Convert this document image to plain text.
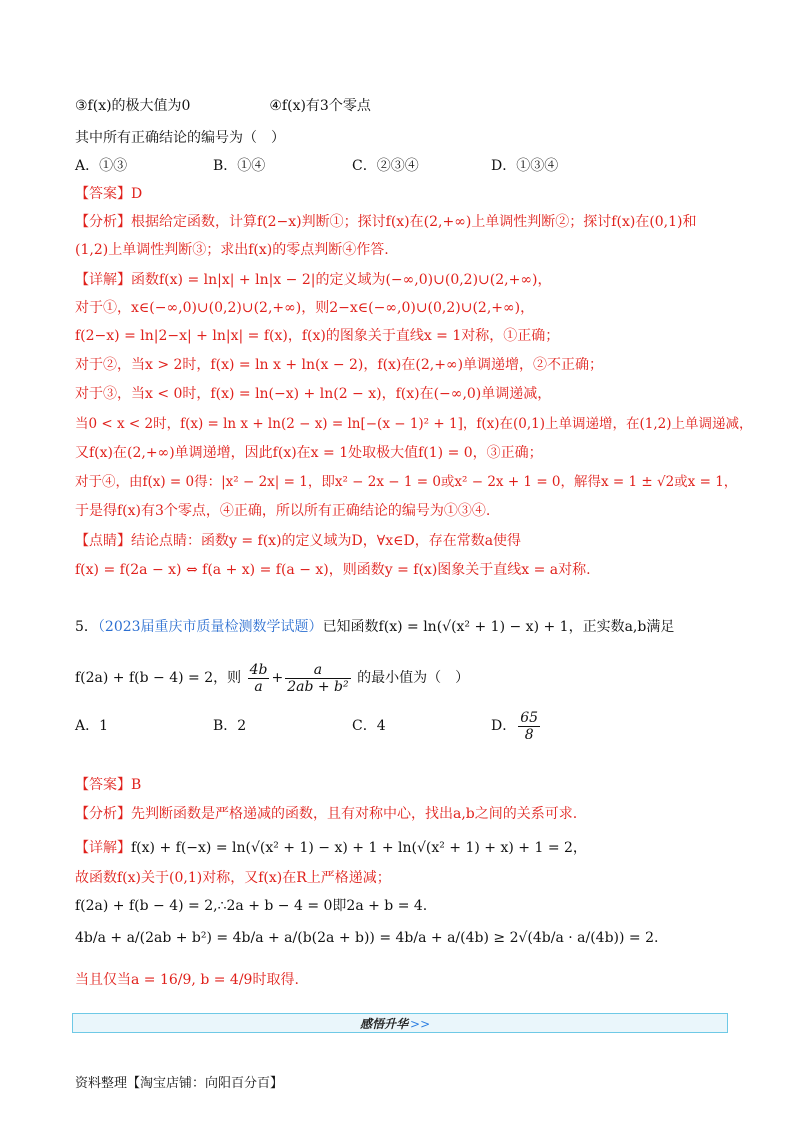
③f(x)的极大值为0	④f(x)有3个零点
其中所有正确结论的编号为（　）
A．①③	B．①④	C．②③④	D．①③④
【答案】D
【分析】根据给定函数，计算f(2−x)判断①；探讨f(x)在(2,+∞)上单调性判断②；探讨f(x)在(0,1)和
(1,2)上单调性判断③；求出f(x)的零点判断④作答.
【详解】函数f(x) = ln|x| + ln|x − 2|的定义域为(−∞,0)∪(0,2)∪(2,+∞)，
对于①，x∈(−∞,0)∪(0,2)∪(2,+∞)，则2−x∈(−∞,0)∪(0,2)∪(2,+∞)，
f(2−x) = ln|2−x| + ln|x| = f(x)，f(x)的图象关于直线x = 1对称，①正确；
对于②，当x > 2时，f(x) = ln x + ln(x − 2)，f(x)在(2,+∞)单调递增，②不正确；
对于③，当x < 0时，f(x) = ln(−x) + ln(2 − x)，f(x)在(−∞,0)单调递减，
当0 < x < 2时，f(x) = ln x + ln(2 − x) = ln[−(x − 1)² + 1]，f(x)在(0,1)上单调递增，在(1,2)上单调递减，
又f(x)在(2,+∞)单调递增，因此f(x)在x = 1处取极大值f(1) = 0，③正确；
对于④，由f(x) = 0得：|x² − 2x| = 1，即x² − 2x − 1 = 0或x² − 2x + 1 = 0，解得x = 1 ± √2或x = 1，
于是得f(x)有3个零点，④正确，所以所有正确结论的编号为①③④.
【点睛】结论点睛：函数y = f(x)的定义域为D，∀x∈D，存在常数a使得
f(x) = f(2a − x) ⇔ f(a + x) = f(a − x)，则函数y = f(x)图象关于直线x = a对称.
5．（2023届重庆市质量检测数学试题）已知函数f(x) = ln(√(x² + 1) − x) + 1，正实数a,b满足
f(2a) + f(b − 4) = 2，则 $\frac{4b}{a} + \frac{a}{\text{2ab + b²}}$ 的最小值为（　）
A．1	B．2	C．4	D． $\frac{65}{8}$
【答案】B
【分析】先判断函数是严格递减的函数，且有对称中心，找出a,b之间的关系可求.
【详解】f(x) + f(−x) = ln(√(x² + 1) − x) + 1 + ln(√(x² + 1) + x) + 1 = 2，
故函数f(x)关于(0,1)对称，又f(x)在R上严格递减；
f(2a) + f(b − 4) = 2,∴2a + b − 4 = 0即2a + b = 4.
4b/a + a/(2ab + b²) = 4b/a + a/(b(2a + b)) = 4b/a + a/(4b) ≥ 2√(4b/a · a/(4b)) = 2.
当且仅当a = 16/9, b = 4/9时取得.
感悟升华 >>
资料整理【淘宝店铺：向阳百分百】
